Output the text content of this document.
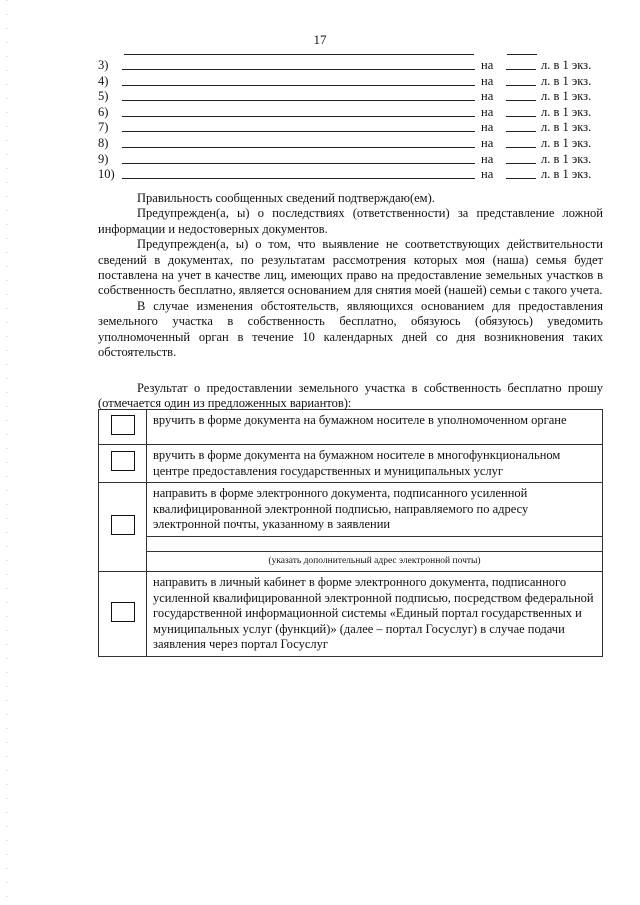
17
3)	на	л. в 1 экз.
4)	на	л. в 1 экз.
5)	на	л. в 1 экз.
6)	на	л. в 1 экз.
7)	на	л. в 1 экз.
8)	на	л. в 1 экз.
9)	на	л. в 1 экз.
10)	на	л. в 1 экз.

Правильность сообщенных сведений подтверждаю(ем).

Предупрежден(а, ы) о последствиях (ответственности) за представление ложной информации и недостоверных документов.

Предупрежден(а, ы) о том, что выявление не соответствующих действительности сведений в документах, по результатам рассмотрения которых моя (наша) семья будет поставлена на учет в качестве лиц, имеющих право на предоставление земельных участков в собственность бесплатно, является основанием для снятия моей (нашей) семьи с такого учета.

В случае изменения обстоятельств, являющихся основанием для предоставления земельного участка в собственность бесплатно, обязуюсь (обязуюсь) уведомить уполномоченный орган в течение 10 календарных дней со дня возникновения таких обстоятельств.

Результат о предоставлении земельного участка в собственность бесплатно прошу (отмечается один из предложенных вариантов):

	вручить в форме документа на бумажном носителе в уполномоченном органе
	вручить в форме документа на бумажном носителе в многофункциональном центре предоставления государственных и муниципальных услуг
	направить в форме электронного документа, подписанного усиленной квалифицированной электронной подписью, направляемого по адресу электронной почты, указанному в заявлении

	(указать дополнительный адрес электронной почты)
	направить в личный кабинет в форме электронного документа, подписанного усиленной квалифицированной электронной подписью, посредством федеральной государственной информационной системы «Единый портал государственных и муниципальных услуг (функций)» (далее – портал Госуслуг) в случае подачи заявления через портал Госуслуг
